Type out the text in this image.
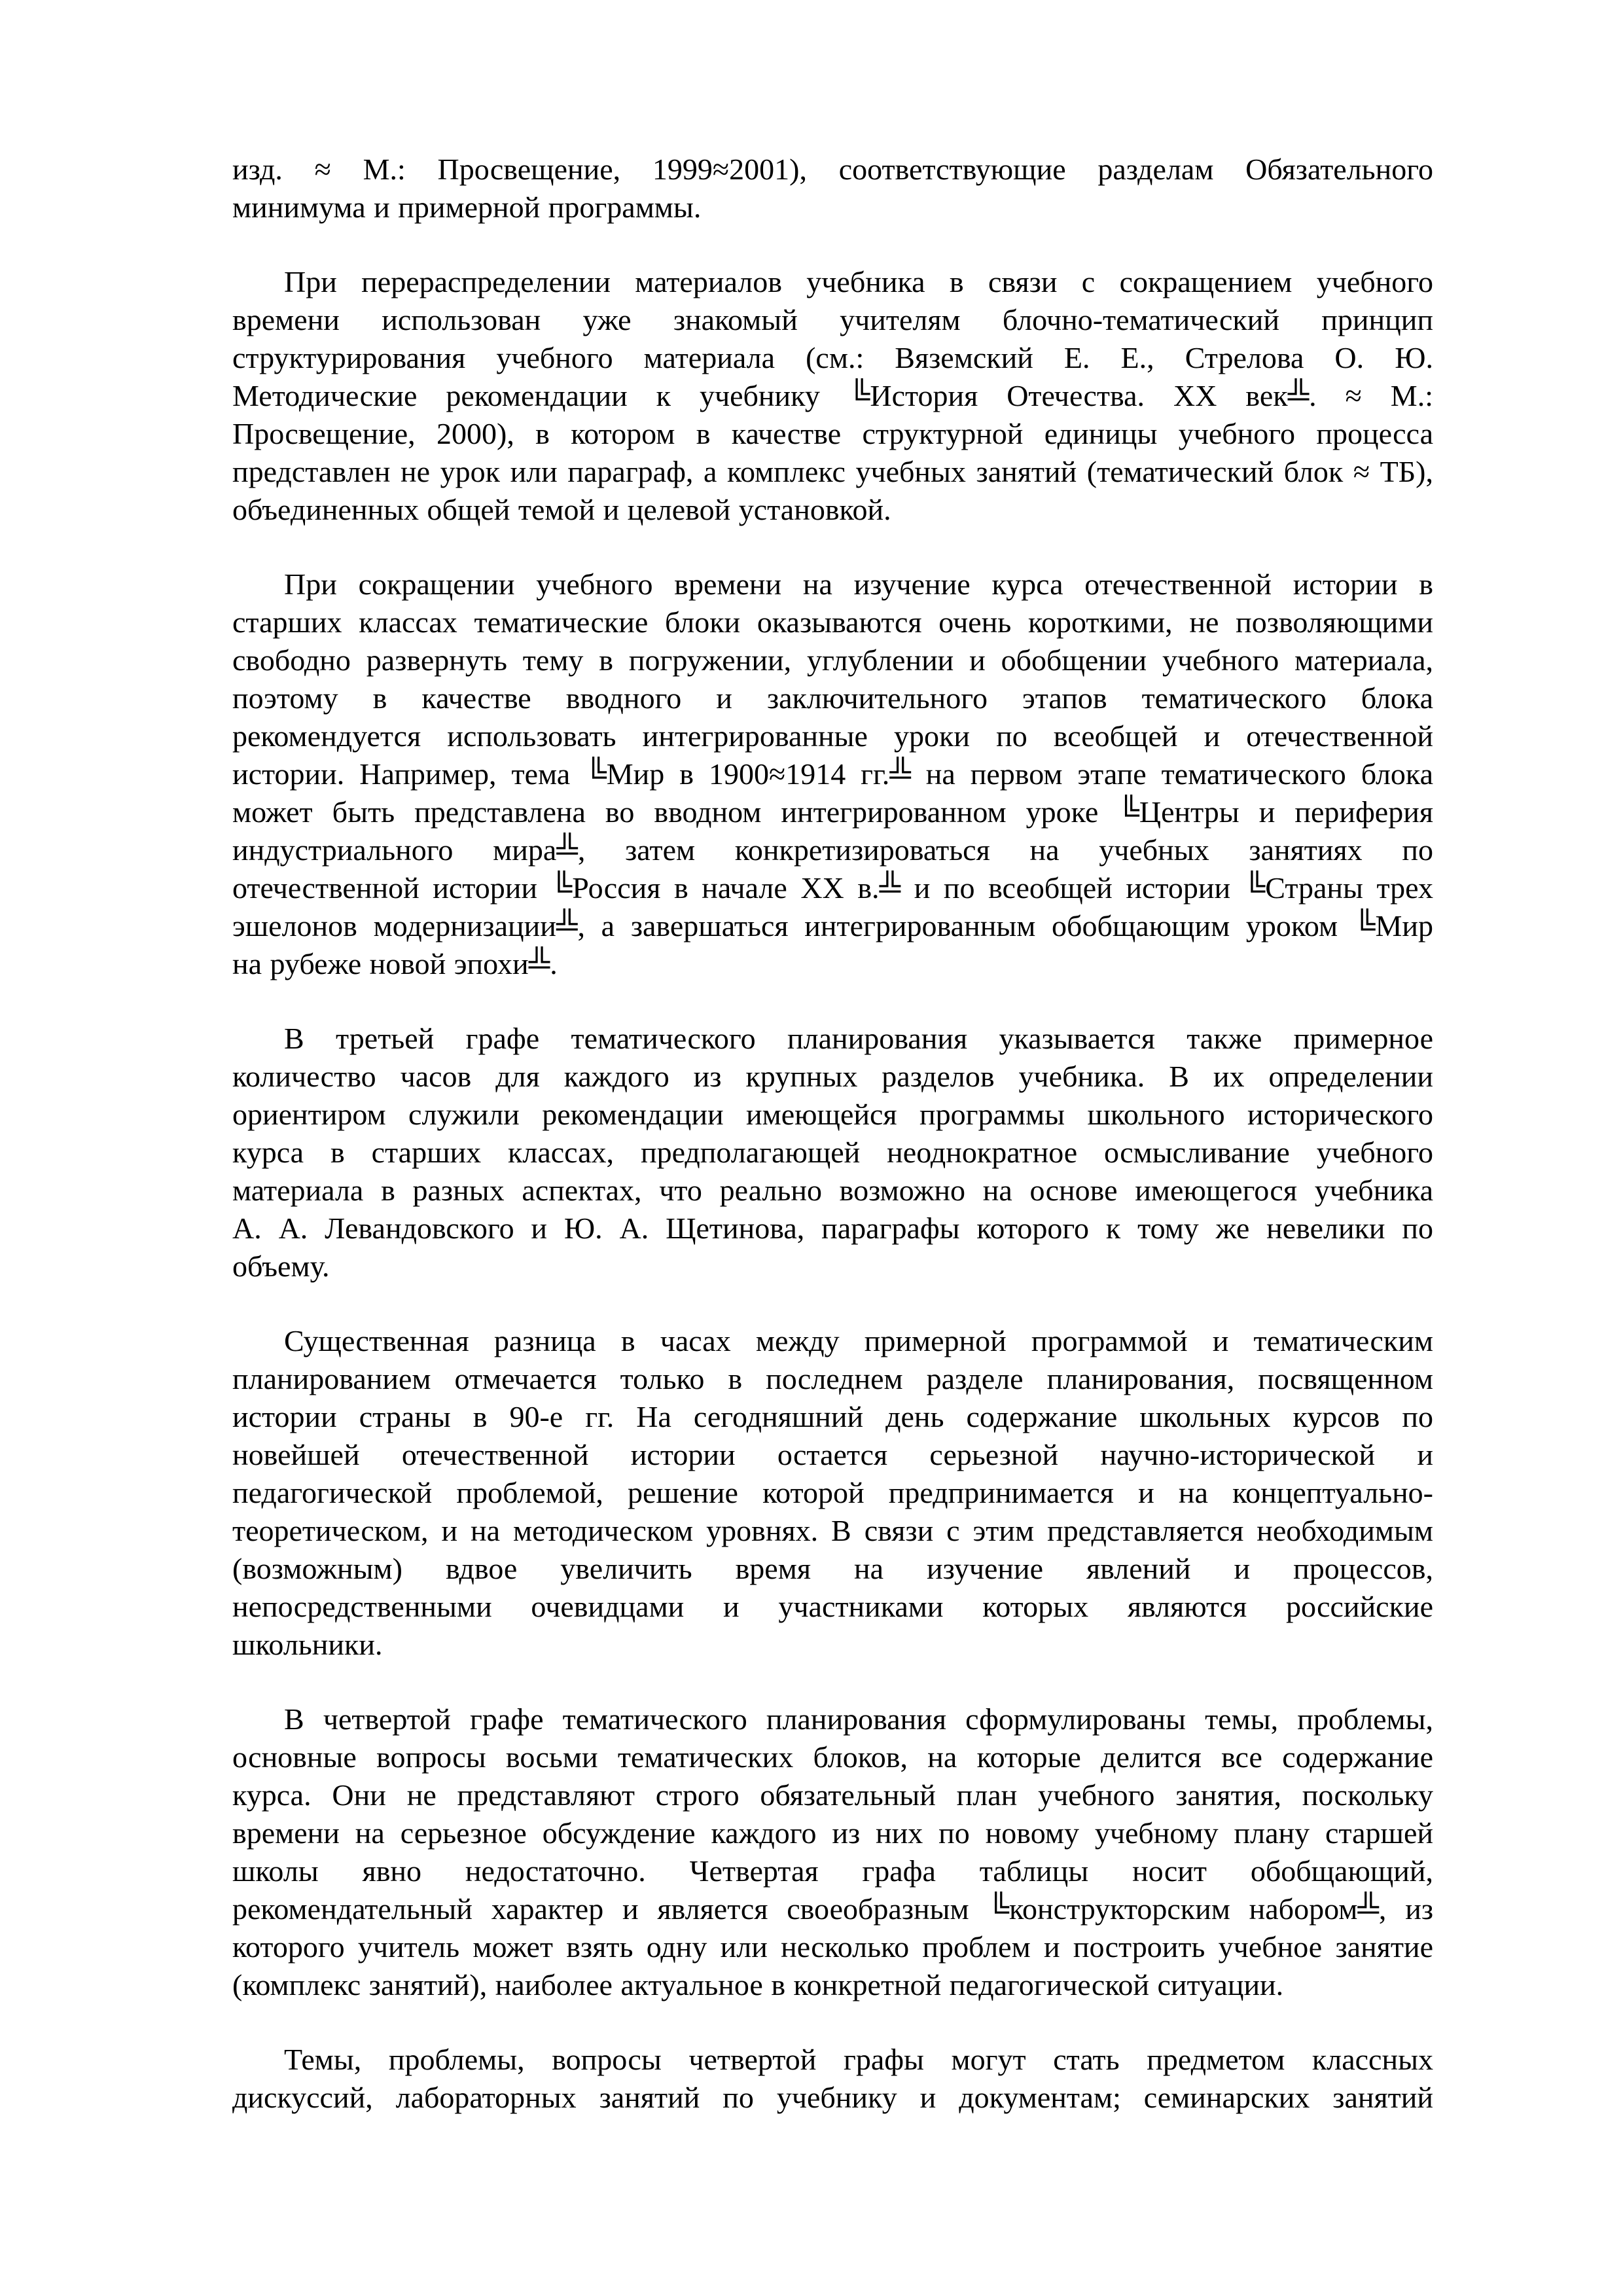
изд. ≈ М.: Просвещение, 1999≈2001), соответствующие разделам Обязательного
минимума и примерной программы.

При перераспределении материалов учебника в связи с сокращением учебного
времени использован уже знакомый учителям блочно-тематический принцип
структурирования учебного материала (см.: Вяземский Е. Е., Стрелова О. Ю.
Методические рекомендации к учебнику ╚История Отечества. XX век╩. ≈ М.:
Просвещение, 2000), в котором в качестве структурной единицы учебного процесса
представлен не урок или параграф, а комплекс учебных занятий (тематический блок ≈ ТБ),
объединенных общей темой и целевой установкой.

При сокращении учебного времени на изучение курса отечественной истории в
старших классах тематические блоки оказываются очень короткими, не позволяющими
свободно развернуть тему в погружении, углублении и обобщении учебного материала,
поэтому в качестве вводного и заключительного этапов тематического блока
рекомендуется использовать интегрированные уроки по всеобщей и отечественной
истории. Например, тема ╚Мир в 1900≈1914 гг.╩ на первом этапе тематического блока
может быть представлена во вводном интегрированном уроке ╚Центры и периферия
индустриального мира╩, затем конкретизироваться на учебных занятиях по
отечественной истории ╚Россия в начале XX в.╩ и по всеобщей истории ╚Страны трех
эшелонов модернизации╩, а завершаться интегрированным обобщающим уроком ╚Мир
на рубеже новой эпохи╩.

В третьей графе тематического планирования указывается также примерное
количество часов для каждого из крупных разделов учебника. В их определении
ориентиром служили рекомендации имеющейся программы школьного исторического
курса в старших классах, предполагающей неоднократное осмысливание учебного
материала в разных аспектах, что реально возможно на основе имеющегося учебника
А. А. Левандовского и Ю. А. Щетинова, параграфы которого к тому же невелики по
объему.

Существенная разница в часах между примерной программой и тематическим
планированием отмечается только в последнем разделе планирования, посвященном
истории страны в 90-е гг. На сегодняшний день содержание школьных курсов по
новейшей отечественной истории остается серьезной научно-исторической и
педагогической проблемой, решение которой предпринимается и на концептуально-
теоретическом, и на методическом уровнях. В связи с этим представляется необходимым
(возможным) вдвое увеличить время на изучение явлений и процессов,
непосредственными очевидцами и участниками которых являются российские
школьники.

В четвертой графе тематического планирования сформулированы темы, проблемы,
основные вопросы восьми тематических блоков, на которые делится все содержание
курса. Они не представляют строго обязательный план учебного занятия, поскольку
времени на серьезное обсуждение каждого из них по новому учебному плану старшей
школы явно недостаточно. Четвертая графа таблицы носит обобщающий,
рекомендательный характер и является своеобразным ╚конструкторским набором╩, из
которого учитель может взять одну или несколько проблем и построить учебное занятие
(комплекс занятий), наиболее актуальное в конкретной педагогической ситуации.

Темы, проблемы, вопросы четвертой графы могут стать предметом классных
дискуссий, лабораторных занятий по учебнику и документам; семинарских занятий
